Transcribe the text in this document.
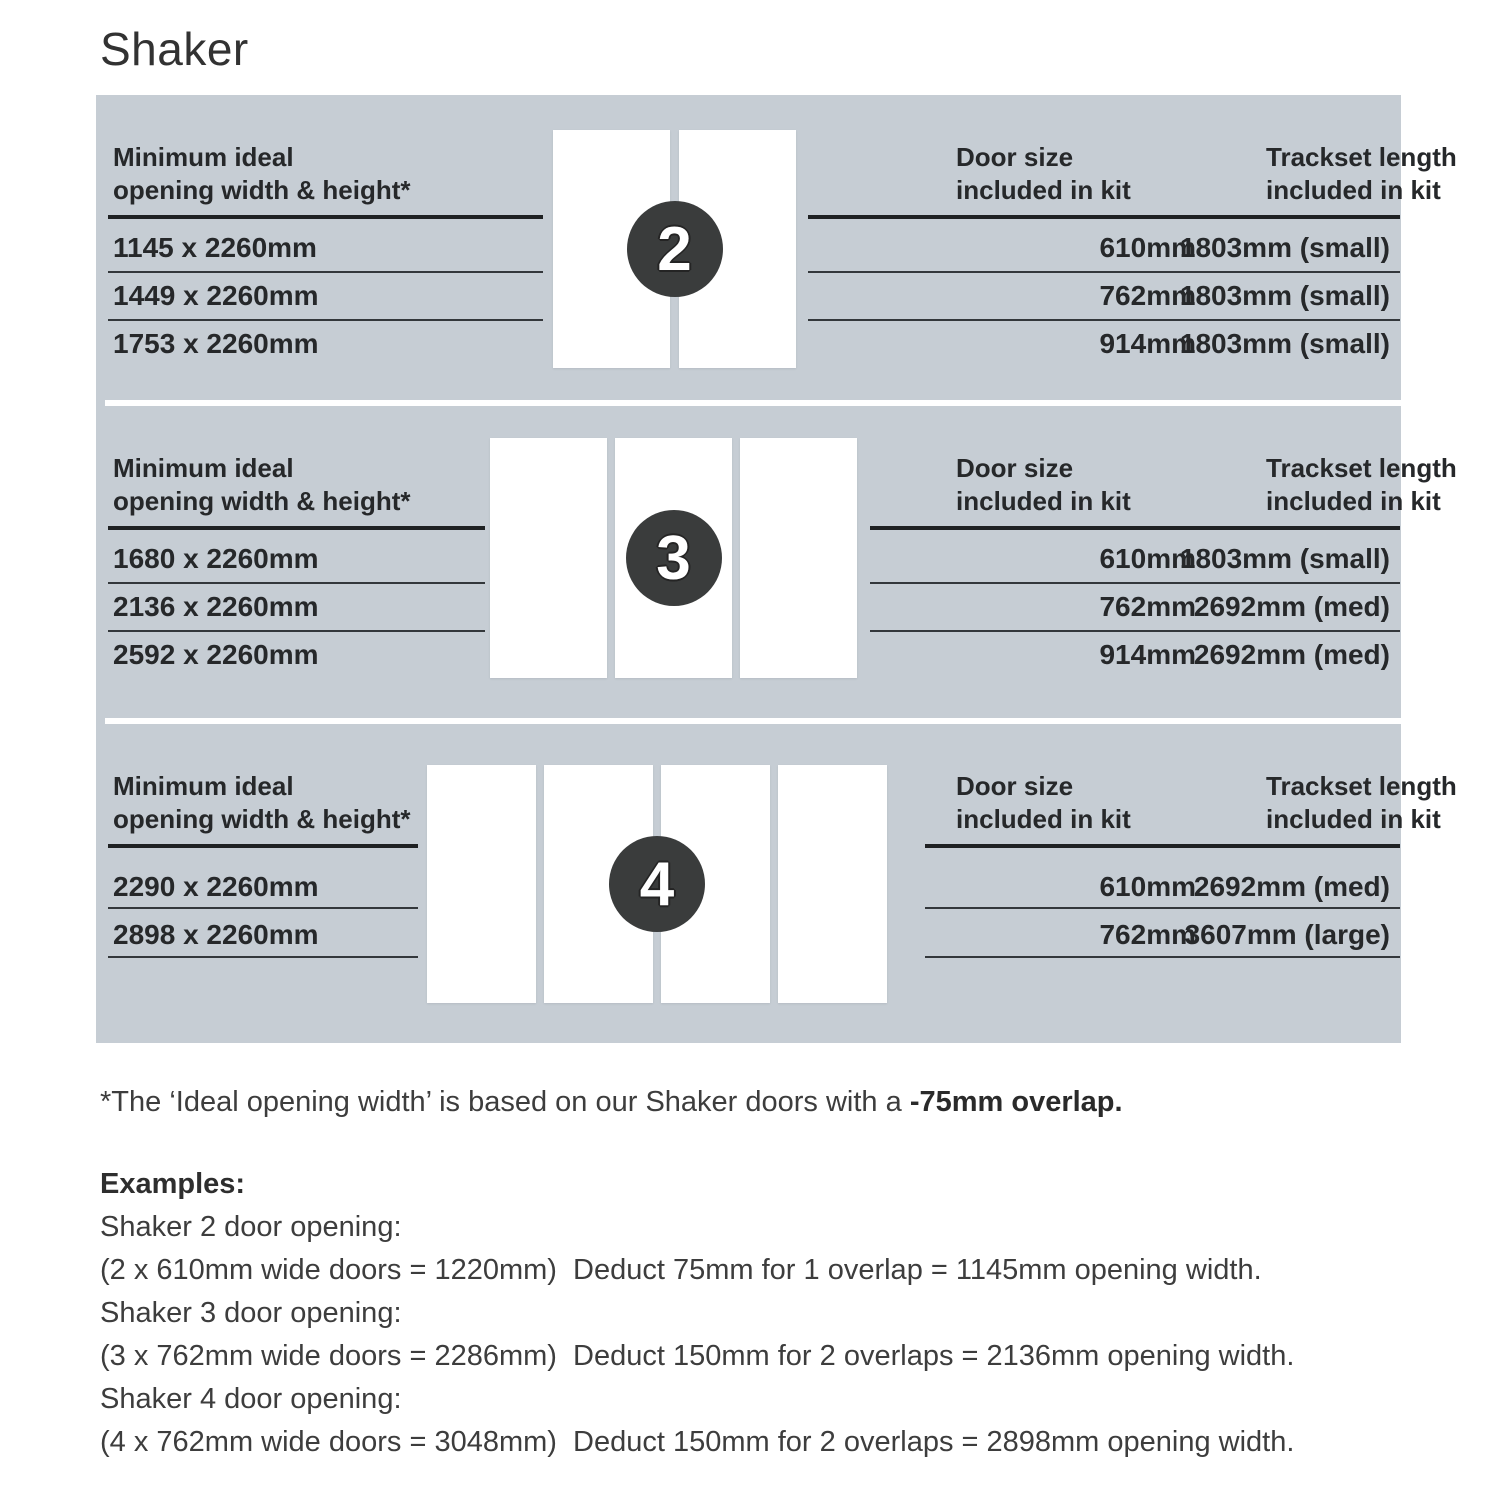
Shaker
Minimum ideal
opening width & height*
1145 x 2260mm
1449 x 2260mm
1753 x 2260mm
2
Door size
included in kit
Trackset length
included in kit
610mm
1803mm (small)
762mm
1803mm (small)
914mm
1803mm (small)
Minimum ideal
opening width & height*
1680 x 2260mm
2136 x 2260mm
2592 x 2260mm
3
Door size
included in kit
Trackset length
included in kit
610mm
1803mm (small)
762mm
2692mm (med)
914mm
2692mm (med)
Minimum ideal
opening width & height*
2290 x 2260mm
2898 x 2260mm
4
Door size
included in kit
Trackset length
included in kit
610mm
2692mm (med)
762mm
3607mm (large)
*The ‘Ideal opening width’ is based on our Shaker doors with a -75mm overlap.
Examples:
Shaker 2 door opening:
(2 x 610mm wide doors = 1220mm)  Deduct 75mm for 1 overlap = 1145mm opening width.
Shaker 3 door opening:
(3 x 762mm wide doors = 2286mm)  Deduct 150mm for 2 overlaps = 2136mm opening width.
Shaker 4 door opening:
(4 x 762mm wide doors = 3048mm)  Deduct 150mm for 2 overlaps = 2898mm opening width.
